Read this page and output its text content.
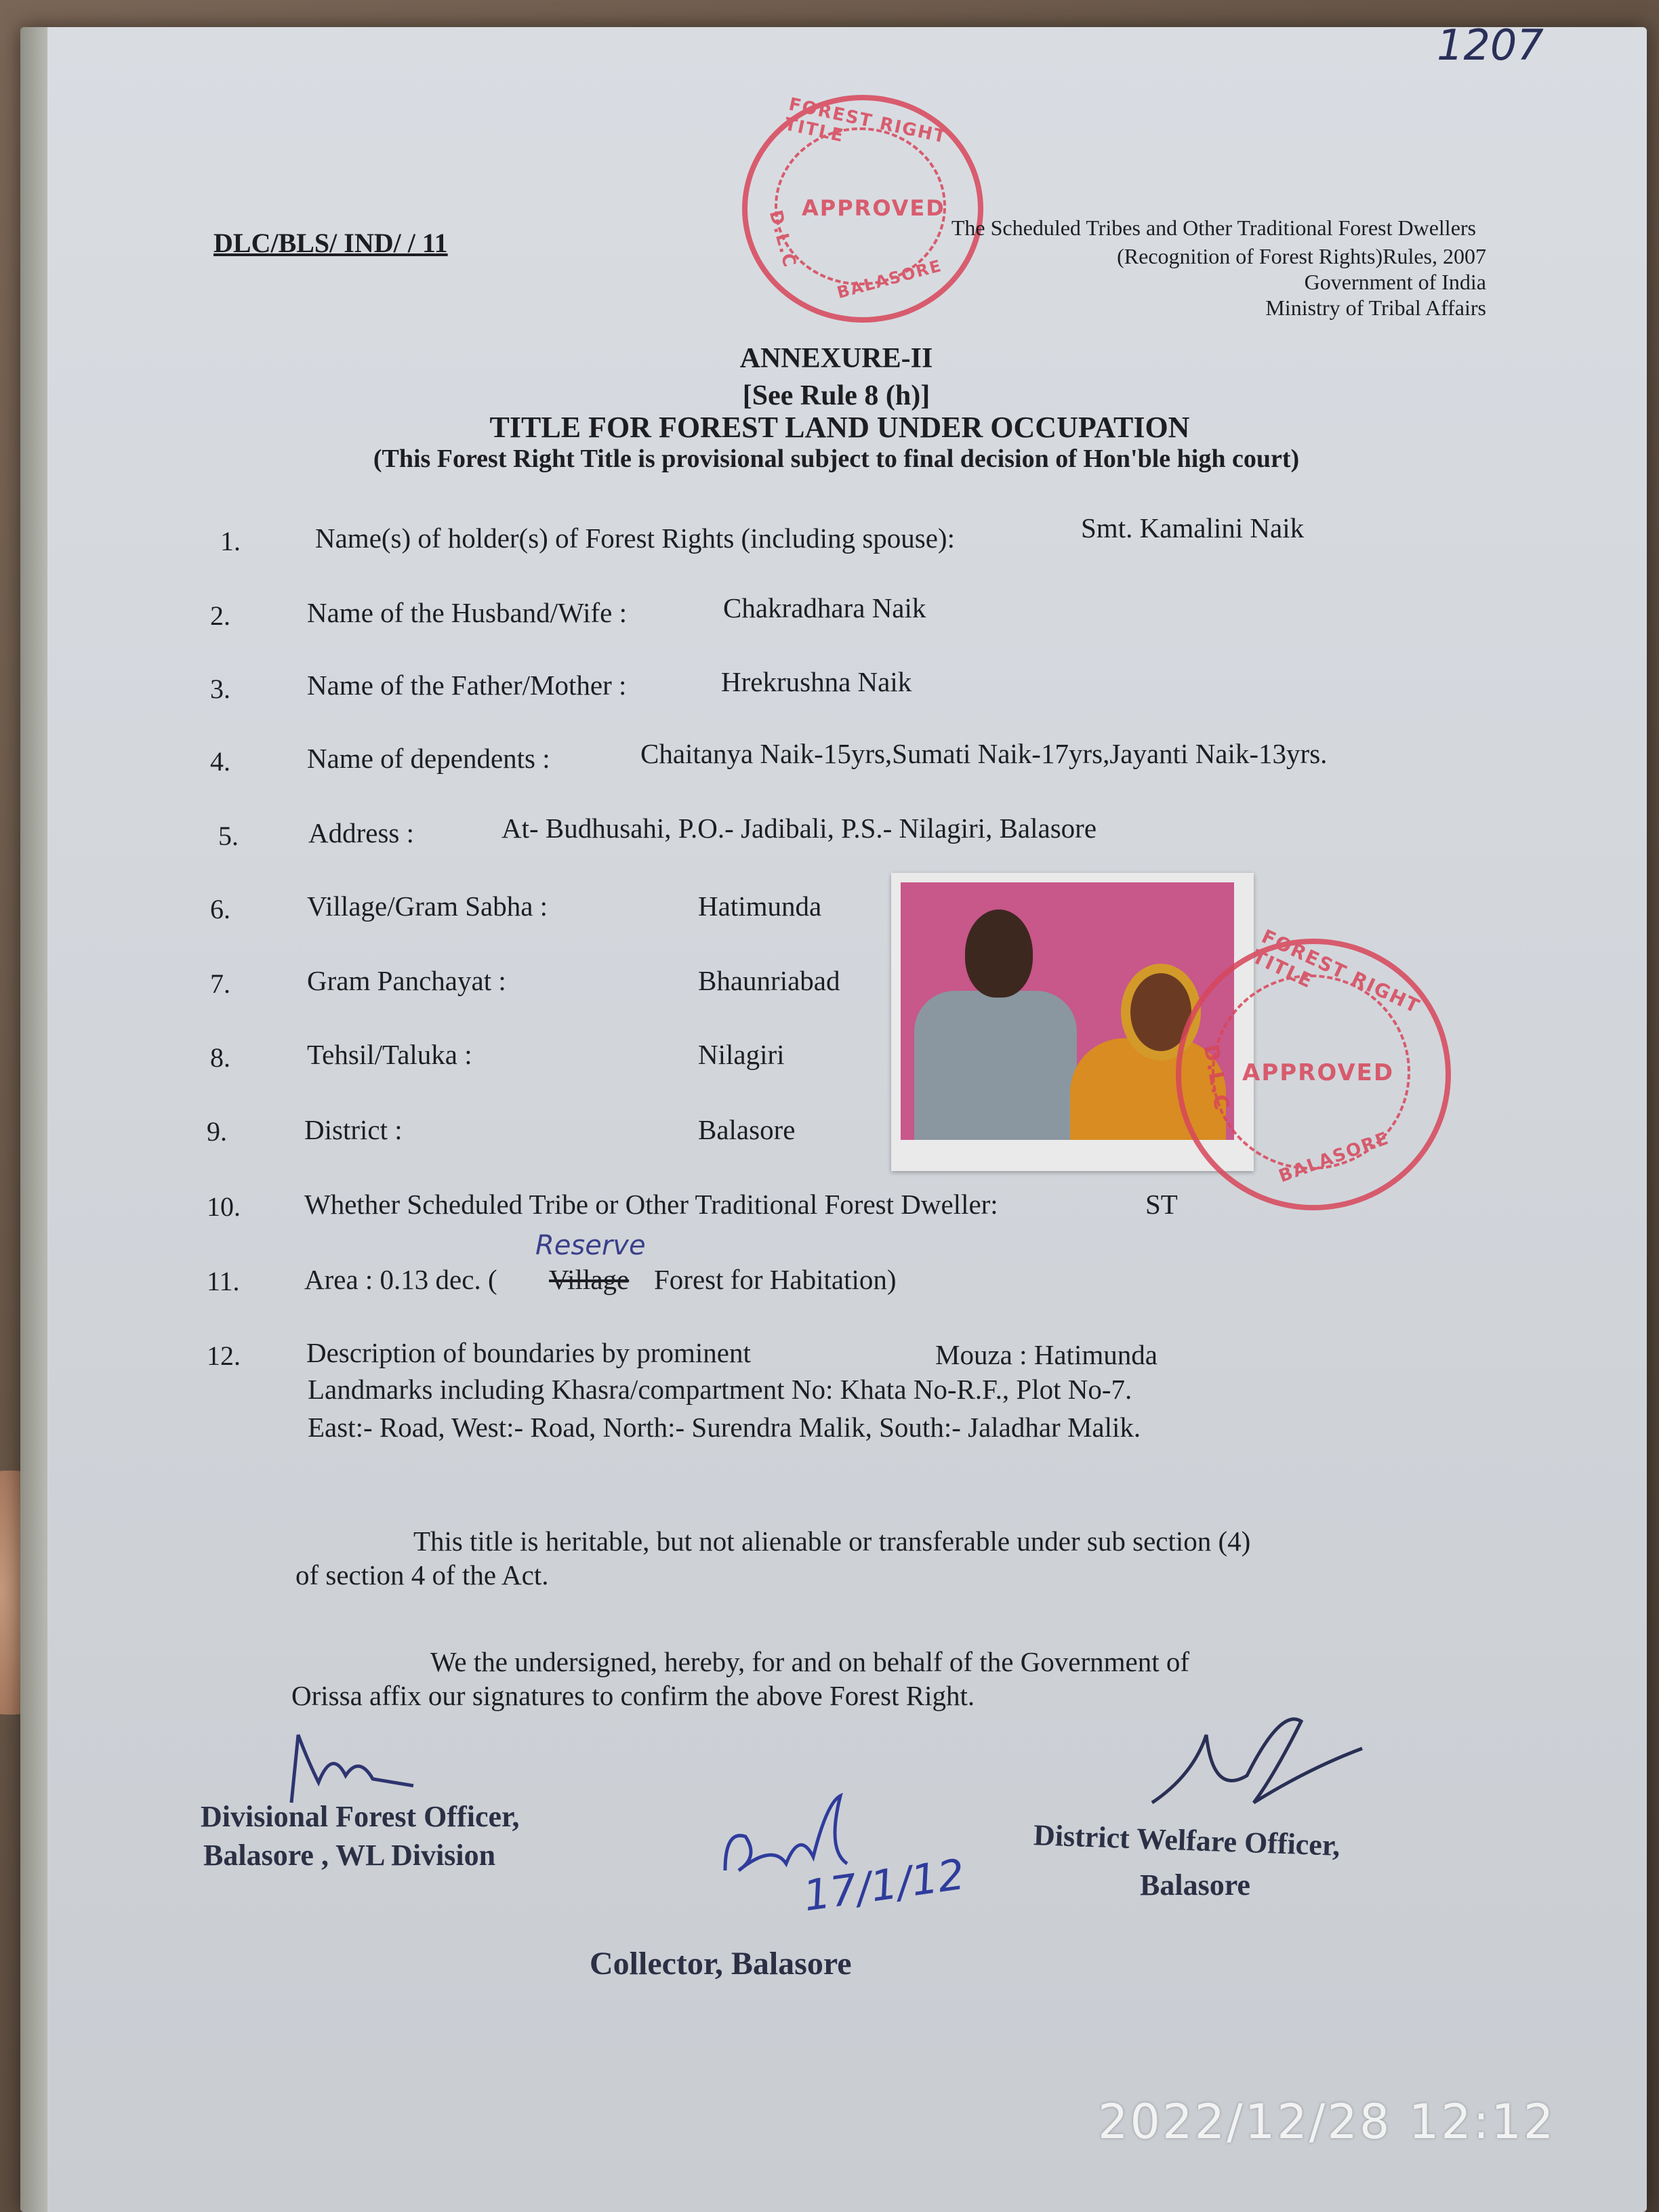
1207
FOREST RIGHT TITLE
APPROVED
BALASORE
D.L.C
DLC/BLS/ IND/ / 11	The Scheduled Tribes and Other Traditional Forest Dwellers
(Recognition of Forest Rights)Rules, 2007
Government of India
Ministry of Tribal Affairs
ANNEXURE-II
[See Rule 8 (h)]
TITLE FOR FOREST LAND UNDER OCCUPATION
(This Forest Right Title is provisional subject to final decision of Hon'ble high court)
1.	Name(s) of holder(s) of Forest Rights (including spouse):	Smt. Kamalini Naik
2.	Name of the Husband/Wife :	Chakradhara Naik
3.	Name of the Father/Mother :	Hrekrushna Naik
4.	Name of dependents :	Chaitanya Naik-15yrs,Sumati Naik-17yrs,Jayanti Naik-13yrs.
5.	Address :	At- Budhusahi, P.O.- Jadibali, P.S.- Nilagiri, Balasore
6.	Village/Gram Sabha :	Hatimunda
7.	Gram Panchayat :	Bhaunriabad
8.	Tehsil/Taluka :	Nilagiri
9.	District :	Balasore
FOREST RIGHT TITLE
APPROVED
BALASORE
D.L.C
10. Whether Scheduled Tribe or Other Traditional Forest Dweller:	ST
11. Area : 0.13 dec. ( Village
Reserve
Forest for Habitation)
12. Description of boundaries by prominent	Mouza : Hatimunda
Landmarks including Khasra/compartment No: Khata No-R.F., Plot No-7.
East:- Road, West:- Road, North:- Surendra Malik, South:- Jaladhar Malik.
This title is heritable, but not alienable or transferable under sub section (4)
of section 4 of the Act.
We the undersigned, hereby, for and on behalf of the Government of
Orissa affix our signatures to confirm the above Forest Right.
17/1/12
Divisional Forest Officer,
Balasore , WL Division	District Welfare Officer,
Balasore
Collector, Balasore
2022/12/28 12:12
